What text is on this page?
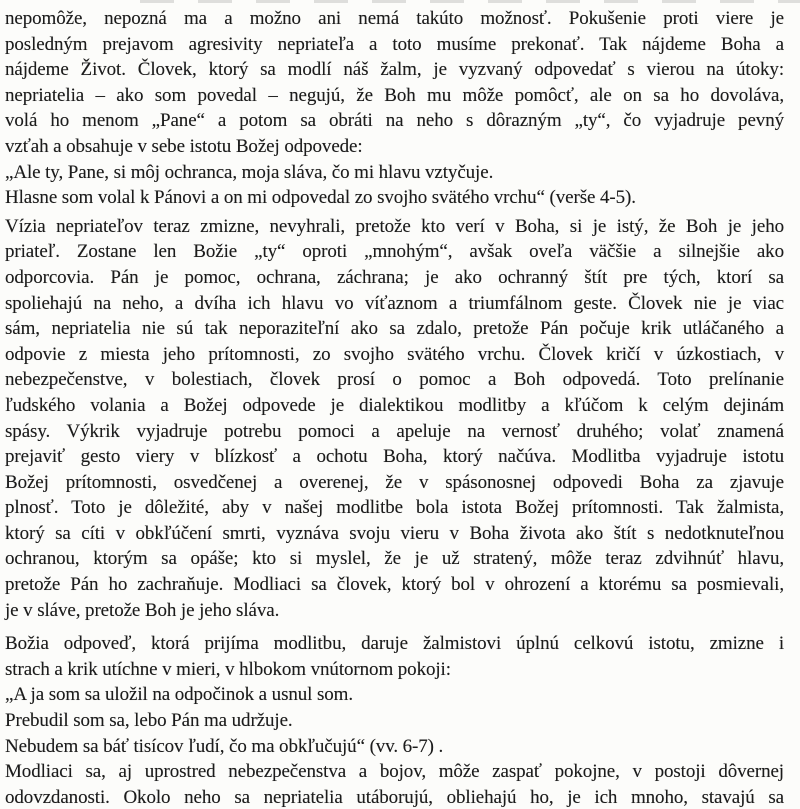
nepomôže, nepozná ma a možno ani nemá takúto možnosť. Pokušenie proti viere je
posledným prejavom agresivity nepriateľa a toto musíme prekonať. Tak nájdeme Boha a
nájdeme Život. Človek, ktorý sa modlí náš žalm, je vyzvaný odpovedať s vierou na útoky:
nepriatelia – ako som povedal – negujú, že Boh mu môže pomôcť, ale on sa ho dovoláva,
volá ho menom „Pane“ a potom sa obráti na neho s dôrazným „ty“, čo vyjadruje pevný
vzťah a obsahuje v sebe istotu Božej odpovede:
„Ale ty, Pane, si môj ochranca, moja sláva, čo mi hlavu vztyčuje.
Hlasne som volal k Pánovi a on mi odpovedal zo svojho svätého vrchu“ (verše 4-5).
Vízia nepriateľov teraz zmizne, nevyhrali, pretože kto verí v Boha, si je istý, že Boh je jeho
priateľ. Zostane len Božie „ty“ oproti „mnohým“, avšak oveľa väčšie a silnejšie ako
odporcovia. Pán je pomoc, ochrana, záchrana; je ako ochranný štít pre tých, ktorí sa
spoliehajú na neho, a dvíha ich hlavu vo víťaznom a triumfálnom geste. Človek nie je viac
sám, nepriatelia nie sú tak neporaziteľní ako sa zdalo, pretože Pán počuje krik utláčaného a
odpovie z miesta jeho prítomnosti, zo svojho svätého vrchu. Človek kričí v úzkostiach, v
nebezpečenstve, v bolestiach, človek prosí o pomoc a Boh odpovedá. Toto prelínanie
ľudského volania a Božej odpovede je dialektikou modlitby a kľúčom k celým dejinám
spásy. Výkrik vyjadruje potrebu pomoci a apeluje na vernosť druhého; volať znamená
prejaviť gesto viery v blízkosť a ochotu Boha, ktorý načúva. Modlitba vyjadruje istotu
Božej prítomnosti, osvedčenej a overenej, že v spásonosnej odpovedi Boha za zjavuje
plnosť. Toto je dôležité, aby v našej modlitbe bola istota Božej prítomnosti. Tak žalmista,
ktorý sa cíti v obkľúčení smrti, vyznáva svoju vieru v Boha života ako štít s nedotknuteľnou
ochranou, ktorým sa opáše; kto si myslel, že je už stratený, môže teraz zdvihnúť hlavu,
pretože Pán ho zachraňuje. Modliaci sa človek, ktorý bol v ohrození a ktorému sa posmievali,
je v sláve, pretože Boh je jeho sláva.
Božia odpoveď, ktorá prijíma modlitbu, daruje žalmistovi úplnú celkovú istotu, zmizne i
strach a krik utíchne v mieri, v hlbokom vnútornom pokoji:
„A ja som sa uložil na odpočinok a usnul som.
Prebudil som sa, lebo Pán ma udržuje.
Nebudem sa báť tisícov ľudí, čo ma obkľučujú“ (vv. 6-7) .
Modliaci sa, aj uprostred nebezpečenstva a bojov, môže zaspať pokojne, v postoji dôvernej
odovzdanosti. Okolo neho sa nepriatelia utáborujú, obliehajú ho, je ich mnoho, stavajú sa
